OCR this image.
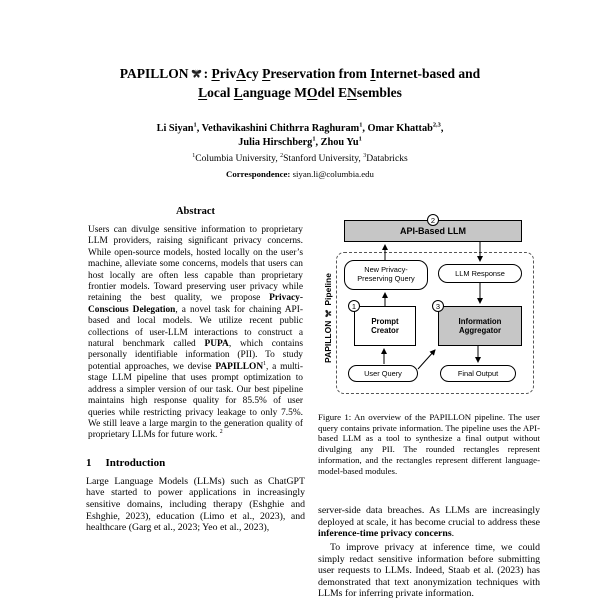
PAPILLON : PrivAcy Preservation from Internet-based and
Local Language MOdel ENsembles
Li Siyan$^1$, Vethavikashini Chithrra Raghuram$^1$, Omar Khattab$^{2,3}$,
Julia Hirschberg$^1$, Zhou Yu$^1$
$^1$Columbia University, $^2$Stanford University, $^3$Databricks
Correspondence: siyan.li@columbia.edu
Abstract
Users can divulge sensitive information to proprietary LLM providers, raising significant privacy concerns. While open-source models, hosted locally on the user’s machine, alleviate some concerns, models that users can host locally are often less capable than proprietary frontier models. Toward preserving user privacy while retaining the best quality, we propose Privacy-Conscious Delegation, a novel task for chaining API-based and local models. We utilize recent public collections of user-LLM interactions to construct a natural benchmark called PUPA, which contains personally identifiable information (PII). To study potential approaches, we devise PAPILLON$^1$, a multi-stage LLM pipeline that uses prompt optimization to address a simpler version of our task. Our best pipeline maintains high response quality for 85.5% of user queries while restricting privacy leakage to only 7.5%. We still leave a large margin to the generation quality of proprietary LLMs for future work. $^2$
1 Introduction
Large Language Models (LLMs) such as ChatGPT have started to power applications in increasingly sensitive domains, including therapy (Eshghie and Eshghie, 2023), education (Limo et al., 2023), and healthcare (Garg et al., 2023; Yeo et al., 2023),
PAPILLON
Pipeline
API-Based LLM
2
New Privacy-
Preserving Query
LLM Response
Prompt
Creator
1
Information
Aggregator
3
User Query	Final Output
Figure 1: An overview of the PAPILLON pipeline. The user query contains private information. The pipeline uses the API-based LLM as a tool to synthesize a final output without divulging any PII. The rounded rectangles represent information, and the rectangles represent different language-model-based modules.
server-side data breaches. As LLMs are increasingly deployed at scale, it has become crucial to address these inference-time privacy concerns.
To improve privacy at inference time, we could simply redact sensitive information before submitting user requests to LLMs. Indeed, Staab et al. (2023) has demonstrated that text anonymization techniques with LLMs for inferring private information.
